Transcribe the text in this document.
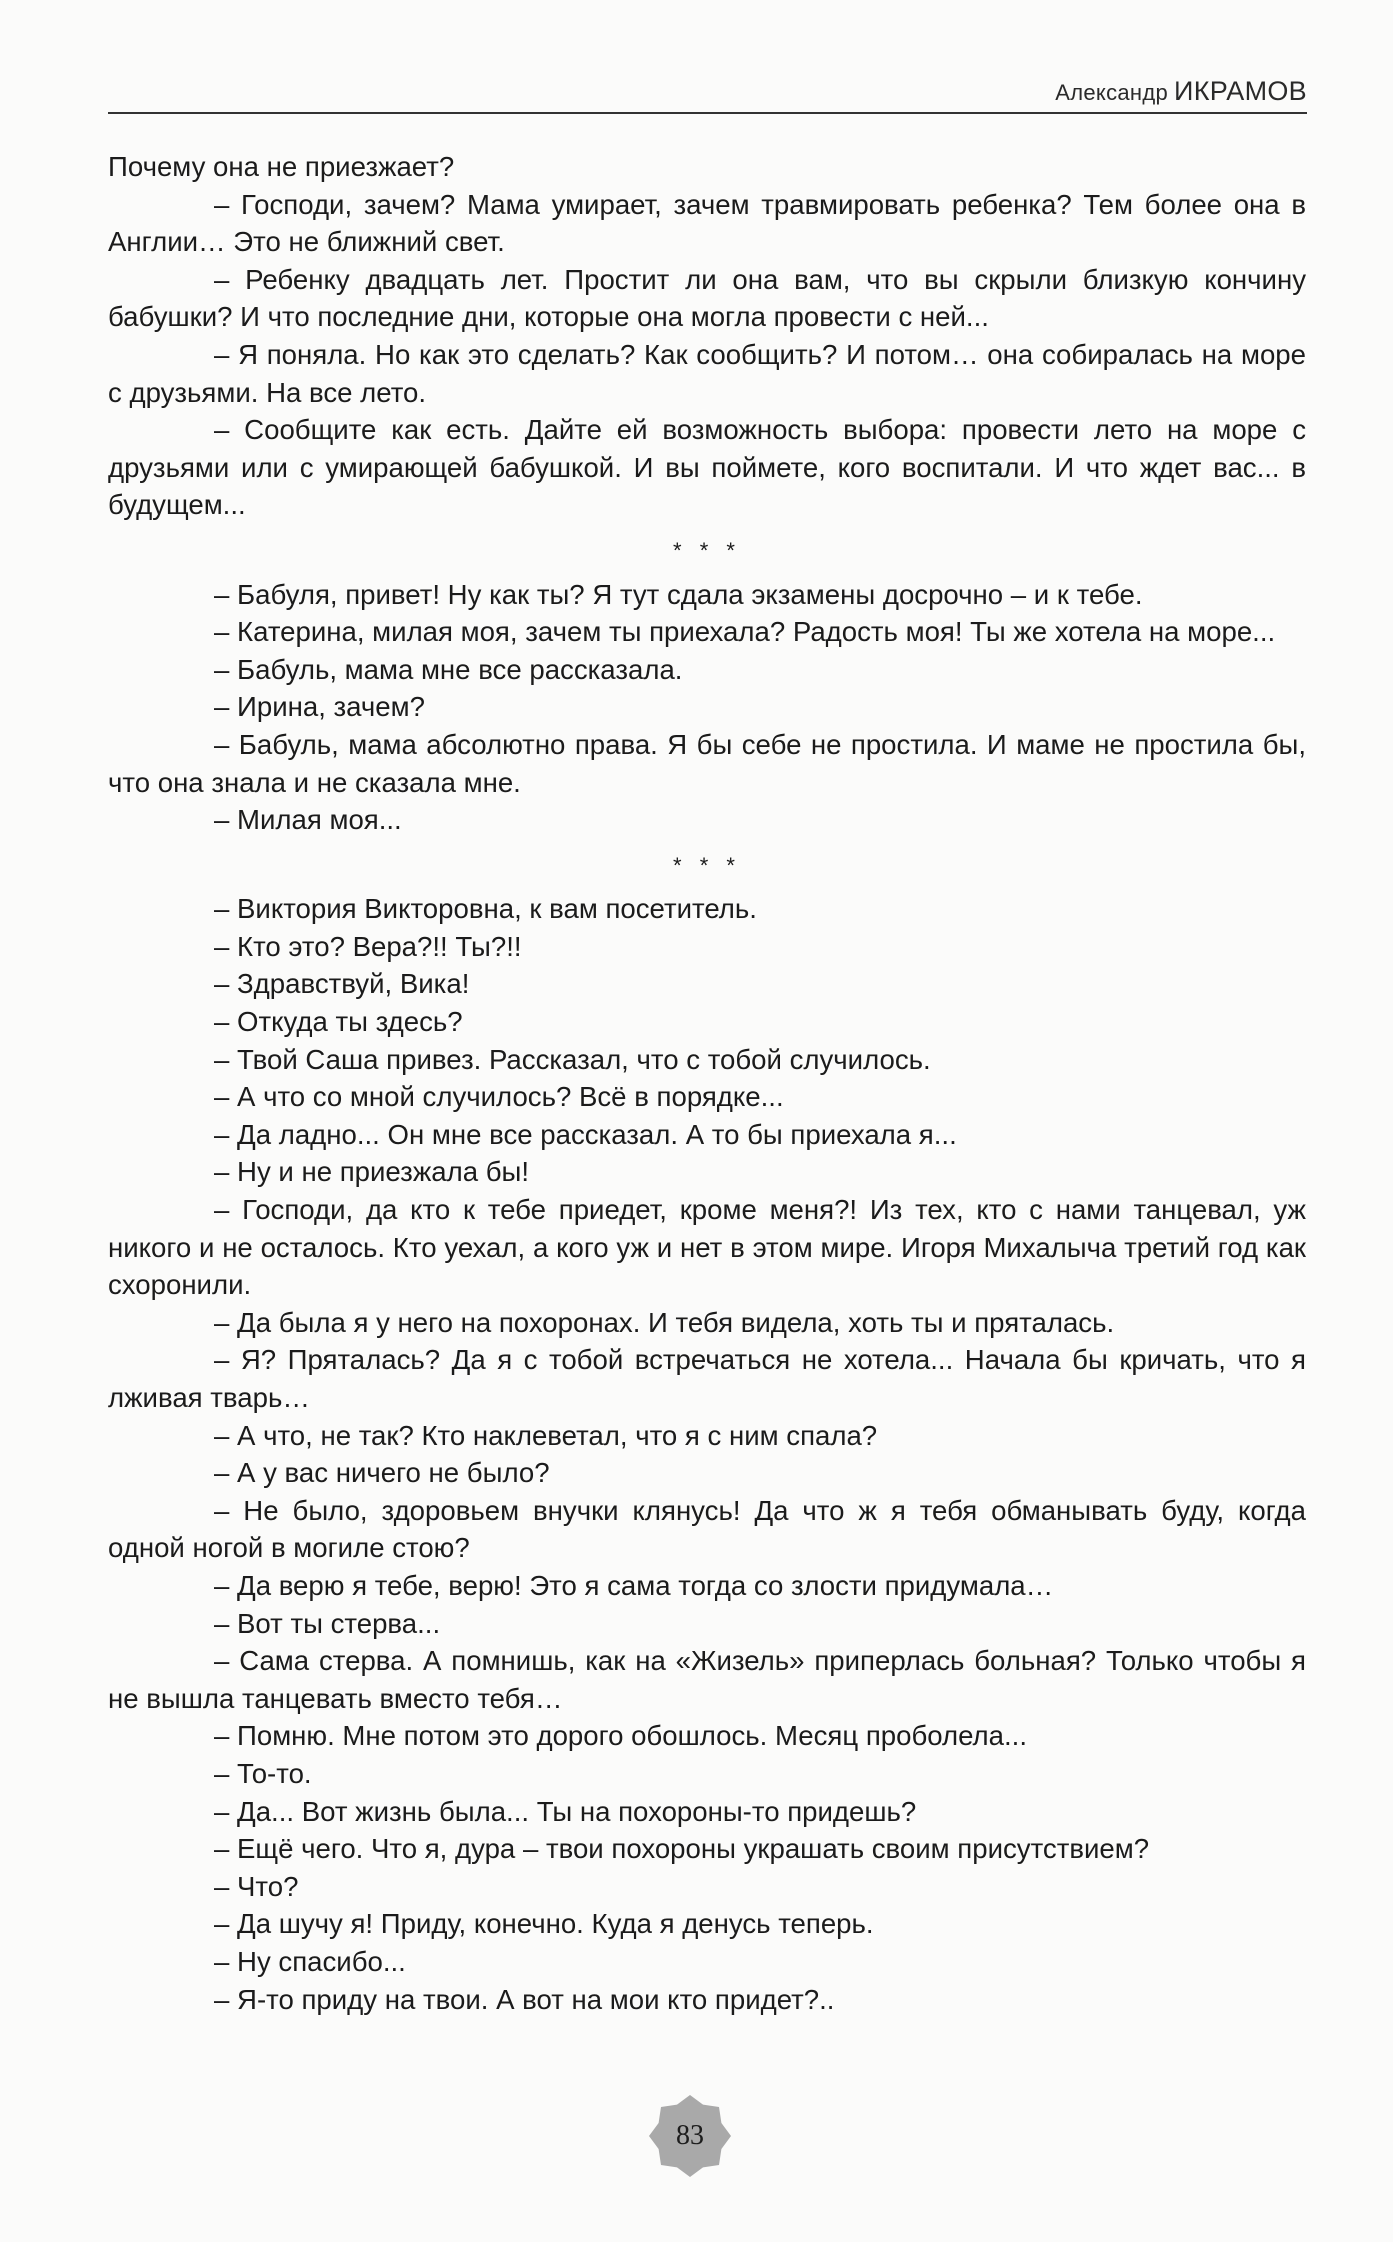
Александр ИКРАМОВ

Почему она не приезжает?

– Господи, зачем? Мама умирает, зачем травмировать ребенка? Тем более она в Англии… Это не ближний свет.

– Ребенку двадцать лет. Простит ли она вам, что вы скрыли близкую кончину бабушки? И что последние дни, которые она могла провести с ней...

– Я поняла. Но как это сделать? Как сообщить? И потом… она собиралась на море с друзьями. На все лето.

– Сообщите как есть. Дайте ей возможность выбора: провести лето на море с друзьями или с умирающей бабушкой. И вы поймете, кого воспитали. И что ждет вас... в будущем...

* * *

– Бабуля, привет! Ну как ты? Я тут сдала экзамены досрочно – и к тебе.

– Катерина, милая моя, зачем ты приехала? Радость моя! Ты же хотела на море...

– Бабуль, мама мне все рассказала.

– Ирина, зачем?

– Бабуль, мама абсолютно права. Я бы себе не простила. И маме не простила бы, что она знала и не сказала мне.

– Милая моя...

* * *

– Виктория Викторовна, к вам посетитель.

– Кто это? Вера?!! Ты?!!

– Здравствуй, Вика!

– Откуда ты здесь?

– Твой Саша привез. Рассказал, что с тобой случилось.

– А что со мной случилось? Всё в порядке...

– Да ладно... Он мне все рассказал. А то бы приехала я...

– Ну и не приезжала бы!

– Господи, да кто к тебе приедет, кроме меня?! Из тех, кто с нами танцевал, уж никого и не осталось. Кто уехал, а кого уж и нет в этом мире. Игоря Михалыча третий год как схоронили.

– Да была я у него на похоронах. И тебя видела, хоть ты и пряталась.

– Я? Пряталась? Да я с тобой встречаться не хотела... Начала бы кричать, что я лживая тварь…

– А что, не так? Кто наклеветал, что я с ним спала?

– А у вас ничего не было?

– Не было, здоровьем внучки клянусь! Да что ж я тебя обманывать буду, когда одной ногой в могиле стою?

– Да верю я тебе, верю! Это я сама тогда со злости придумала…

– Вот ты стерва...

– Сама стерва. А помнишь, как на «Жизель» приперлась больная? Только чтобы я не вышла танцевать вместо тебя…

– Помню. Мне потом это дорого обошлось. Месяц проболела...

– То-то.

– Да... Вот жизнь была... Ты на похороны-то придешь?

– Ещё чего. Что я, дура – твои похороны украшать своим присутствием?

– Что?

– Да шучу я! Приду, конечно. Куда я денусь теперь.

– Ну спасибо...

– Я-то приду на твои. А вот на мои кто придет?..

83
